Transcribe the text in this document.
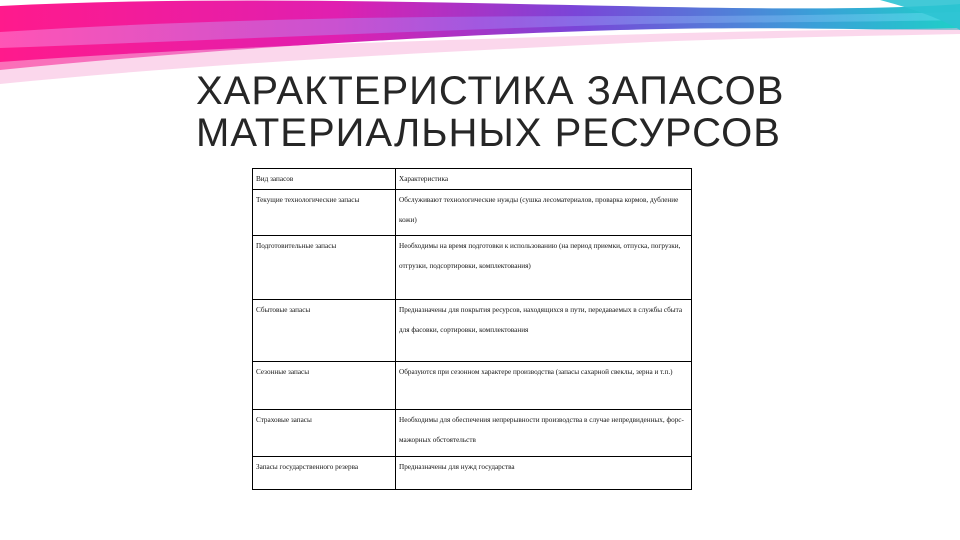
ХАРАКТЕРИСТИКА ЗАПАСОВ
МАТЕРИАЛЬНЫХ РЕСУРСОВ
Вид запасов	Характеристика
Текущие технологические запасы	Обслуживают технологические нужды (сушка лесоматериалов, проварка кормов, дубление кожи)
Подготовительные запасы	Необходимы на время подготовки к использованию (на период приемки, отпуска, погрузки, отгрузки, подсортировки, комплектования)
Сбытовые запасы	Предназначены для покрытия ресурсов, находящихся в пути, передаваемых в службы сбыта для фасовки, сортировки, комплектования
Сезонные запасы	Образуются при сезонном характере производства (запасы сахарной свеклы, зерна и т.п.)
Страховые запасы	Необходимы для обеспечения непрерывности производства в случае непредвиденных, форс-мажорных обстоятельств
Запасы государственного резерва	Предназначены для нужд государства
